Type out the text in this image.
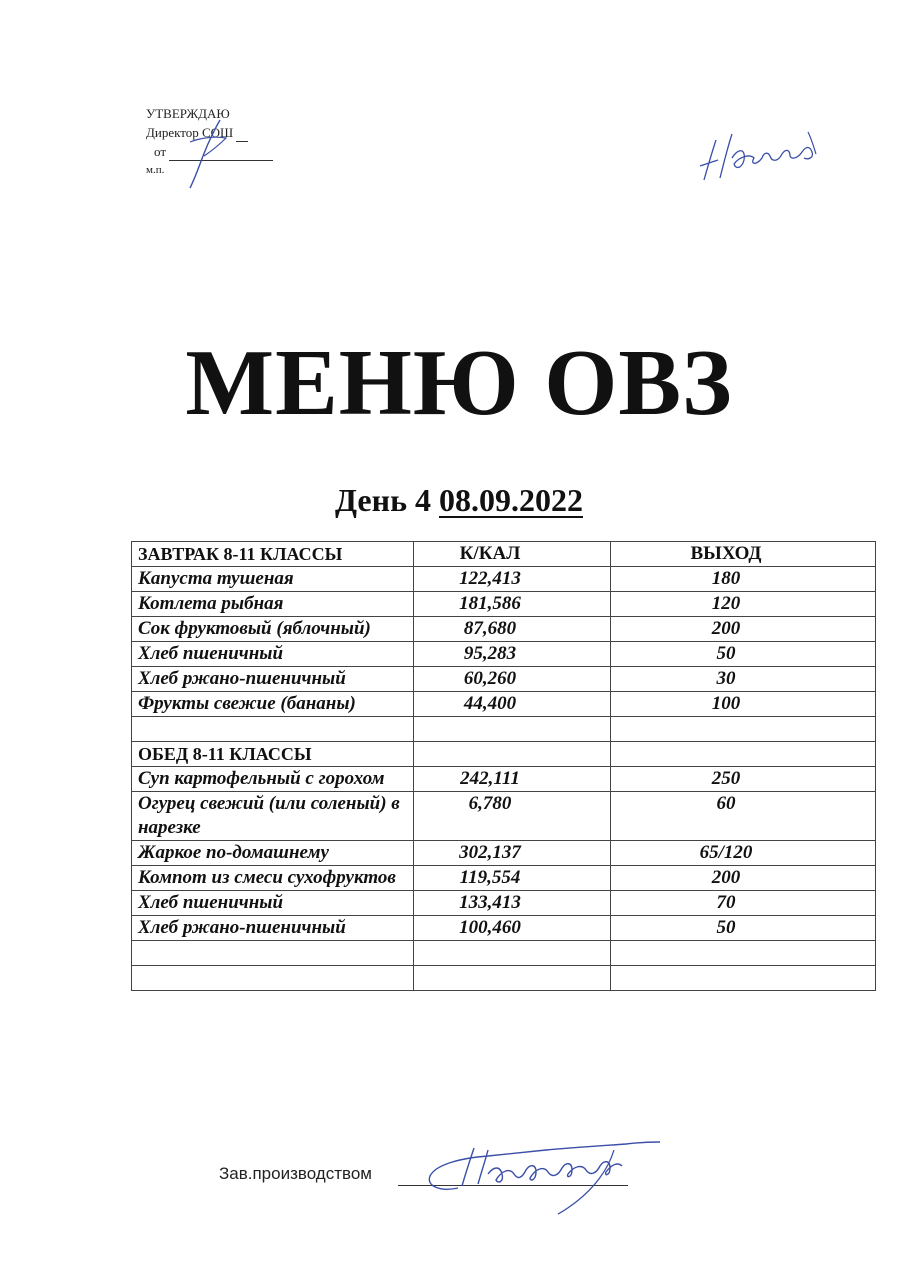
УТВЕРЖДАЮ
Директор СОШ
от
м.п.
МЕНЮ ОВЗ
День 4 08.09.2022
ЗАВТРАК 8-11 КЛАССЫ	К/КАЛ	ВЫХОД
Капуста тушеная	122,413	180
Котлета рыбная	181,586	120
Сок фруктовый (яблочный)	87,680	200
Хлеб пшеничный	95,283	50
Хлеб ржано-пшеничный	60,260	30
Фрукты свежие (бананы)	44,400	100

ОБЕД 8-11 КЛАССЫ		
Суп картофельный с горохом	242,111	250
Огурец свежий (или соленый) в нарезке	6,780	60
Жаркое по-домашнему	302,137	65/120
Компот из смеси сухофруктов	119,554	200
Хлеб пшеничный	133,413	70
Хлеб ржано-пшеничный	100,460	50

Зав.производством
